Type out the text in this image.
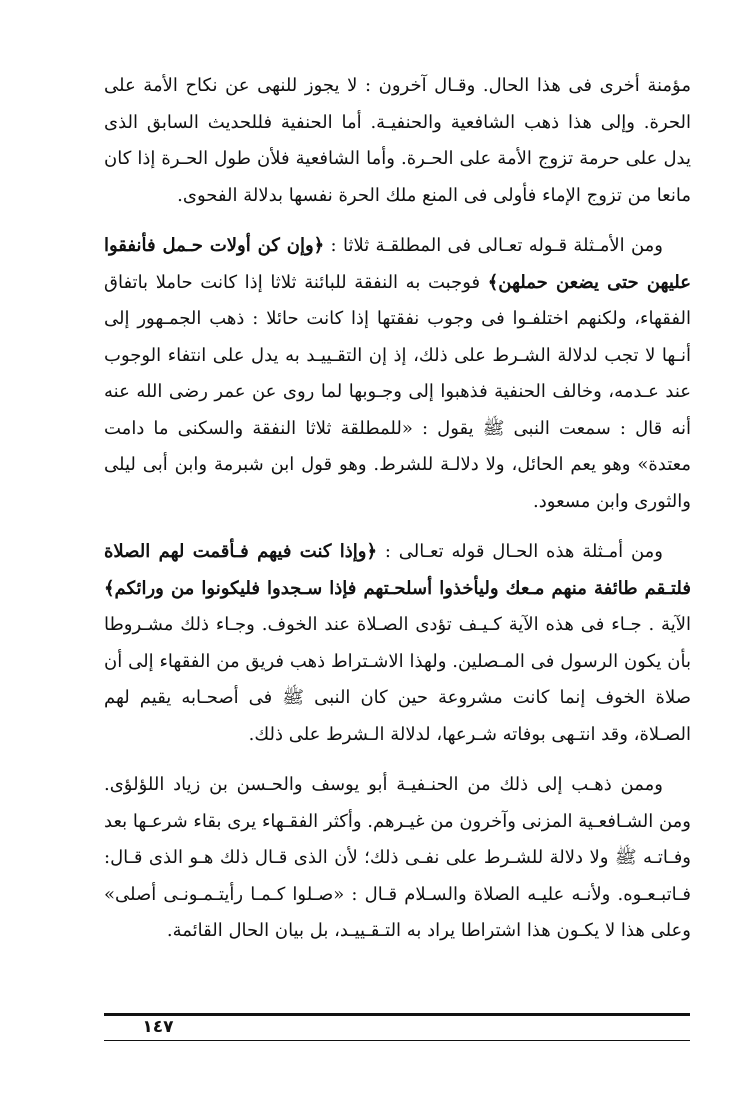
مؤمنة أخرى فى هذا الحال. وقـال آخرون : لا يجوز للنهى عن نكاح الأمة على الحرة. وإلى هذا ذهب الشافعية والحنفيـة. أما الحنفية فللحديث السابق الذى يدل على حرمة تزوج الأمة على الحـرة. وأما الشافعية فلأن طول الحـرة إذا كان مانعا من تزوج الإماء فأولى فى المنع ملك الحرة نفسها بدلالة الفحوى.

ومن الأمـثلة قـوله تعـالى فى المطلقـة ثلاثا : ﴿وإن كن أولات حـمل فأنفقوا عليهن حتى يضعن حملهن﴾ فوجبت به النفقة للبائنة ثلاثا إذا كانت حاملا باتفاق الفقهاء، ولكنهم اختلفـوا فى وجوب نفقتها إذا كانت حائلا : ذهب الجمـهور إلى أنـها لا تجب لدلالة الشـرط على ذلك، إذ إن التقـييـد به يدل على انتفاء الوجوب عند عـدمه، وخالف الحنفية فذهبوا إلى وجـوبها لما روى عن عمر رضى الله عنه أنه قال : سمعت النبى ﷺ يقول : «للمطلقة ثلاثا النفقة والسكنى ما دامت معتدة» وهو يعم الحائل، ولا دلالـة للشرط. وهو قول ابن شبرمة وابن أبى ليلى والثورى وابن مسعود.

ومن أمـثلة هذه الحـال قوله تعـالى : ﴿وإذا كنت فيهم فـأقمت لهم الصلاة فلتـقم طائفة منهم مـعك وليأخذوا أسلحـتهم فإذا سـجدوا فليكونوا من ورائكم﴾ الآية . جـاء فى هذه الآية كـيـف تؤدى الصـلاة عند الخوف. وجـاء ذلك مشـروطا بأن يكون الرسول فى المـصلين. ولهذا الاشـتراط ذهب فريق من الفقهاء إلى أن صلاة الخوف إنما كانت مشروعة حين كان النبى ﷺ فى أصحـابه يقيم لهم الصـلاة، وقد انتـهى بوفاته شـرعها، لدلالة الـشرط على ذلك.

وممن ذهـب إلى ذلك من الحنـفيـة أبو يوسف والحـسن بن زياد اللؤلؤى. ومن الشـافعـية المزنى وآخرون من غيـرهم. وأكثر الفقـهاء يرى بقاء شرعـها بعد وفـاتـه ﷺ ولا دلالة للشـرط على نفـى ذلك؛ لأن الذى قـال ذلك هـو الذى قـال: فـاتبـعـوه. ولأنـه عليـه الصلاة والسـلام قـال : «صـلوا كـمـا رأيتـمـونـى أصلى» وعلى هذا لا يكـون هذا اشتراطا يراد به التـقـييـد، بل بيان الحال القائمة.

١٤٧
